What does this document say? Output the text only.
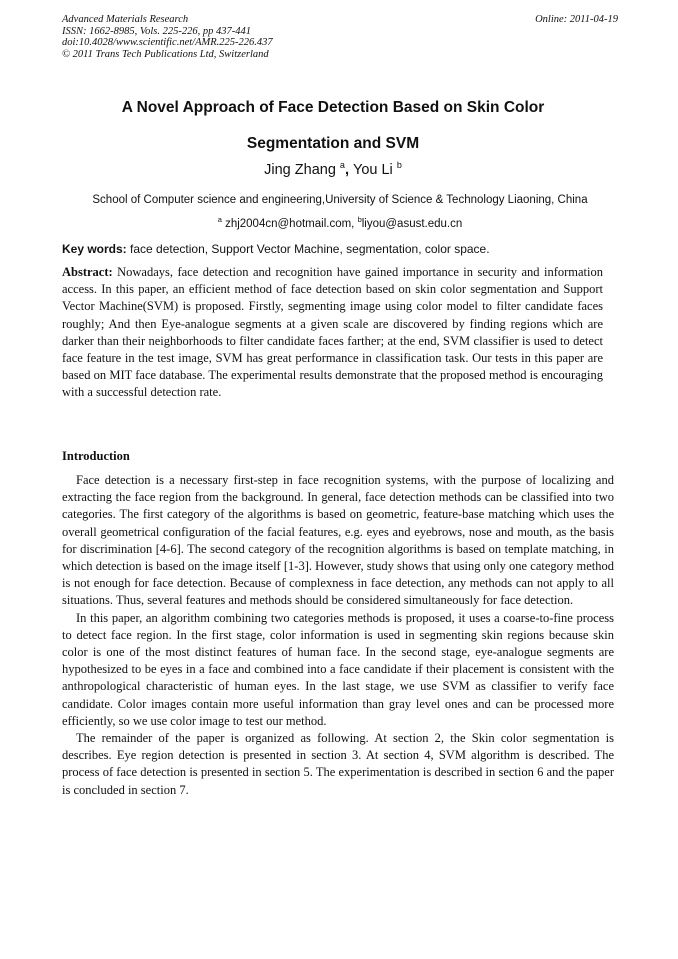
Advanced Materials Research
ISSN: 1662-8985, Vols. 225-226, pp 437-441
doi:10.4028/www.scientific.net/AMR.225-226.437
© 2011 Trans Tech Publications Ltd, Switzerland
Online: 2011-04-19
A Novel Approach of Face Detection Based on Skin Color
Segmentation and SVM
Jing Zhang $^a$, You Li $^b$
School of Computer science and engineering,University of Science & Technology Liaoning, China
$^a$ zhj2004cn@hotmail.com, $^b$liyou@asust.edu.cn
Key words: face detection, Support Vector Machine, segmentation, color space.
Abstract: Nowadays, face detection and recognition have gained importance in security and information access. In this paper, an efficient method of face detection based on skin color segmentation and Support Vector Machine(SVM) is proposed. Firstly, segmenting image using color model to filter candidate faces roughly; And then Eye-analogue segments at a given scale are discovered by finding regions which are darker than their neighborhoods to filter candidate faces farther; at the end, SVM classifier is used to detect face feature in the test image, SVM has great performance in classification task. Our tests in this paper are based on MIT face database. The experimental results demonstrate that the proposed method is encouraging with a successful detection rate.
Introduction

Face detection is a necessary first-step in face recognition systems, with the purpose of localizing and extracting the face region from the background. In general, face detection methods can be classified into two categories. The first category of the algorithms is based on geometric, feature-base matching which uses the overall geometrical configuration of the facial features, e.g. eyes and eyebrows, nose and mouth, as the basis for discrimination [4-6]. The second category of the recognition algorithms is based on template matching, in which detection is based on the image itself [1-3]. However, study shows that using only one category method is not enough for face detection. Because of complexness in face detection, any methods can not apply to all situations. Thus, several features and methods should be considered simultaneously for face detection.

In this paper, an algorithm combining two categories methods is proposed, it uses a coarse-to-fine process to detect face region. In the first stage, color information is used in segmenting skin regions because skin color is one of the most distinct features of human face. In the second stage, eye-analogue segments are hypothesized to be eyes in a face and combined into a face candidate if their placement is consistent with the anthropological characteristic of human eyes. In the last stage, we use SVM as classifier to verify face candidate. Color images contain more useful information than gray level ones and can be processed more efficiently, so we use color image to test our method.

The remainder of the paper is organized as following. At section 2, the Skin color segmentation is describes. Eye region detection is presented in section 3. At section 4, SVM algorithm is described. The process of face detection is presented in section 5. The experimentation is described in section 6 and the paper is concluded in section 7.
